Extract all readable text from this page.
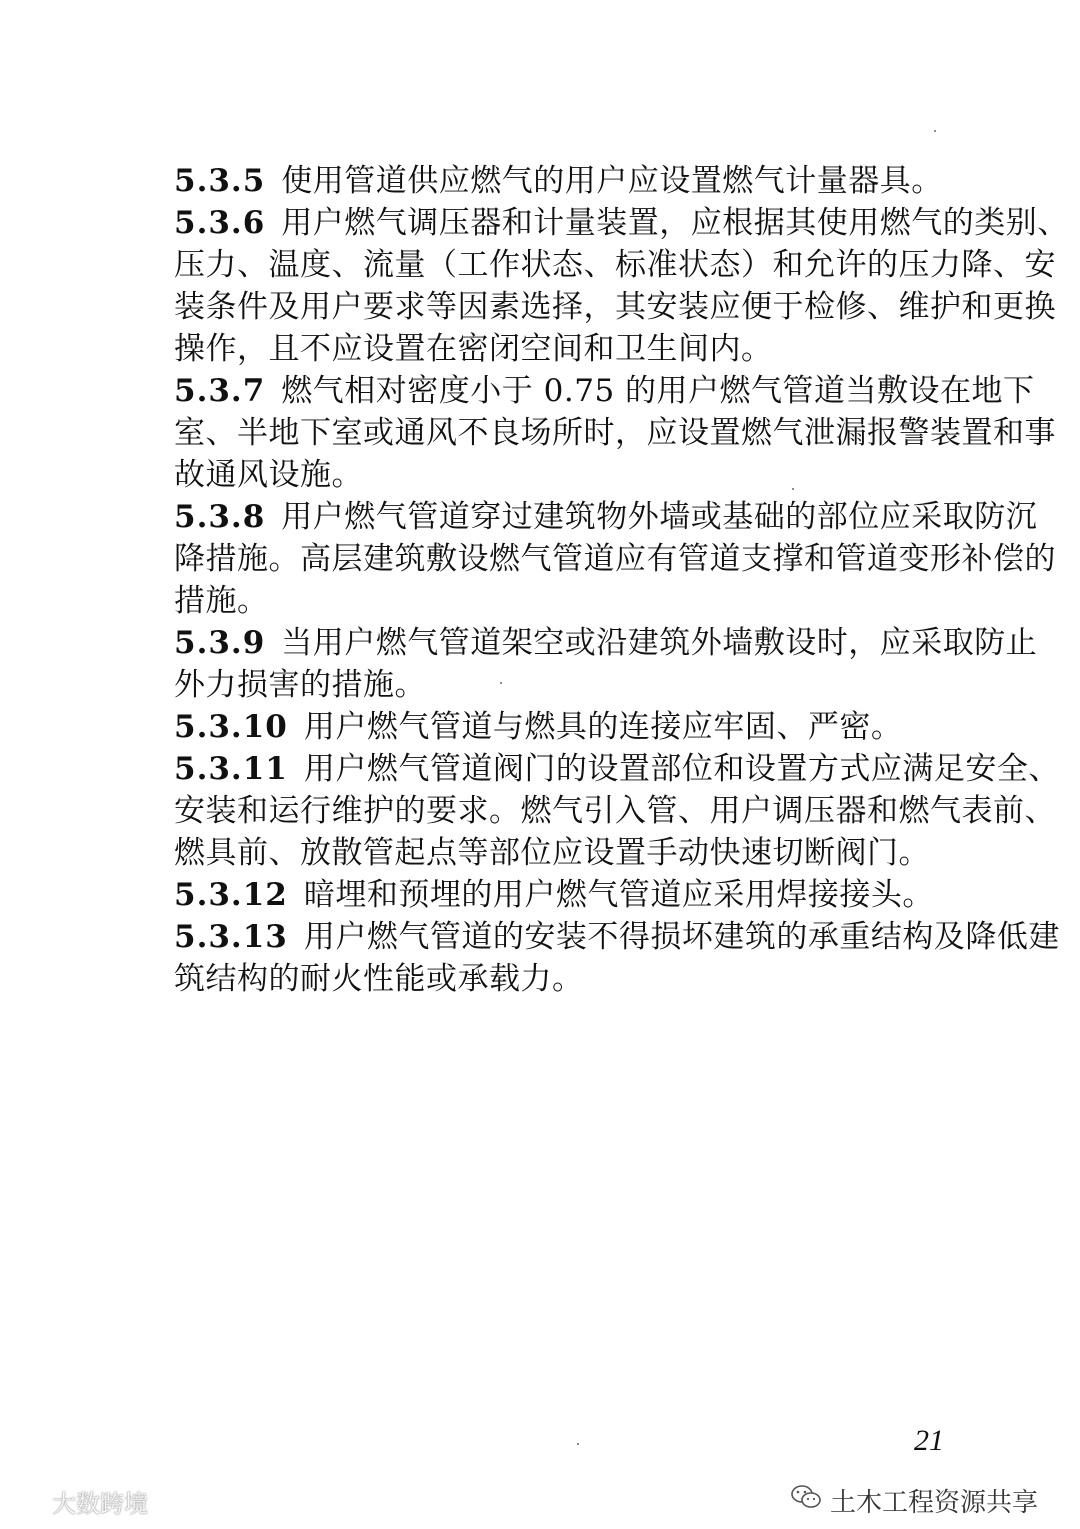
5.3.5 使用管道供应燃气的用户应设置燃气计量器具。
5.3.6 用户燃气调压器和计量装置，应根据其使用燃气的类别、
压力、温度、流量（工作状态、标准状态）和允许的压力降、安
装条件及用户要求等因素选择，其安装应便于检修、维护和更换
操作，且不应设置在密闭空间和卫生间内。
5.3.7 燃气相对密度小于 0.75 的用户燃气管道当敷设在地下
室、半地下室或通风不良场所时，应设置燃气泄漏报警装置和事
故通风设施。
5.3.8 用户燃气管道穿过建筑物外墙或基础的部位应采取防沉
降措施。高层建筑敷设燃气管道应有管道支撑和管道变形补偿的
措施。
5.3.9 当用户燃气管道架空或沿建筑外墙敷设时，应采取防止
外力损害的措施。
5.3.10 用户燃气管道与燃具的连接应牢固、严密。
5.3.11 用户燃气管道阀门的设置部位和设置方式应满足安全、
安装和运行维护的要求。燃气引入管、用户调压器和燃气表前、
燃具前、放散管起点等部位应设置手动快速切断阀门。
5.3.12 暗埋和预埋的用户燃气管道应采用焊接接头。
5.3.13 用户燃气管道的安装不得损坏建筑的承重结构及降低建
筑结构的耐火性能或承载力。
21
大数跨境	土木工程资源共享
